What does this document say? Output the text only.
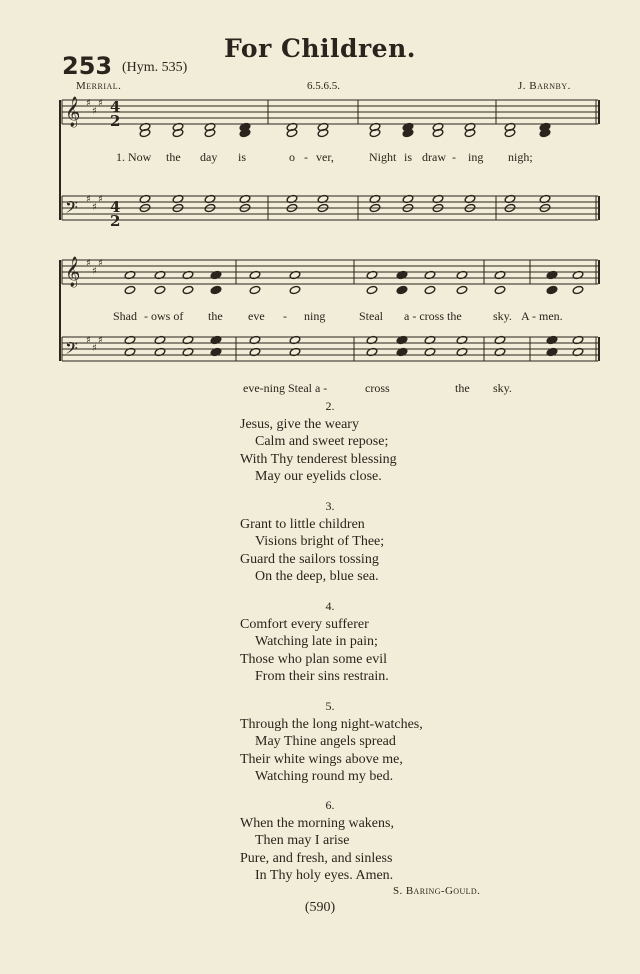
For Children.
253 (Hym. 535)
Merrial.	6.5.6.5.	J. Barnby.
𝄞 ♯
♯
♯
𝄢 ♯
♯
♯
𝄞 ♯
♯
♯
𝄢 ♯
♯
♯
4
2
4
2
1. Now the day is	o - ver,	Night is draw - ing nigh;
Shad - ows of the eve - ning	Steal a - cross the	sky. A - men.
eve-ning Steal a -	cross	the sky.
2.
Jesus, give the weary
Calm and sweet repose;
With Thy tenderest blessing
May our eyelids close.
3.
Grant to little children
Visions bright of Thee;
Guard the sailors tossing
On the deep, blue sea.
4.
Comfort every sufferer
Watching late in pain;
Those who plan some evil
From their sins restrain.
5.
Through the long night-watches,
May Thine angels spread
Their white wings above me,
Watching round my bed.
6.
When the morning wakens,
Then may I arise
Pure, and fresh, and sinless
In Thy holy eyes. Amen.
S. Baring-Gould.
(590)
